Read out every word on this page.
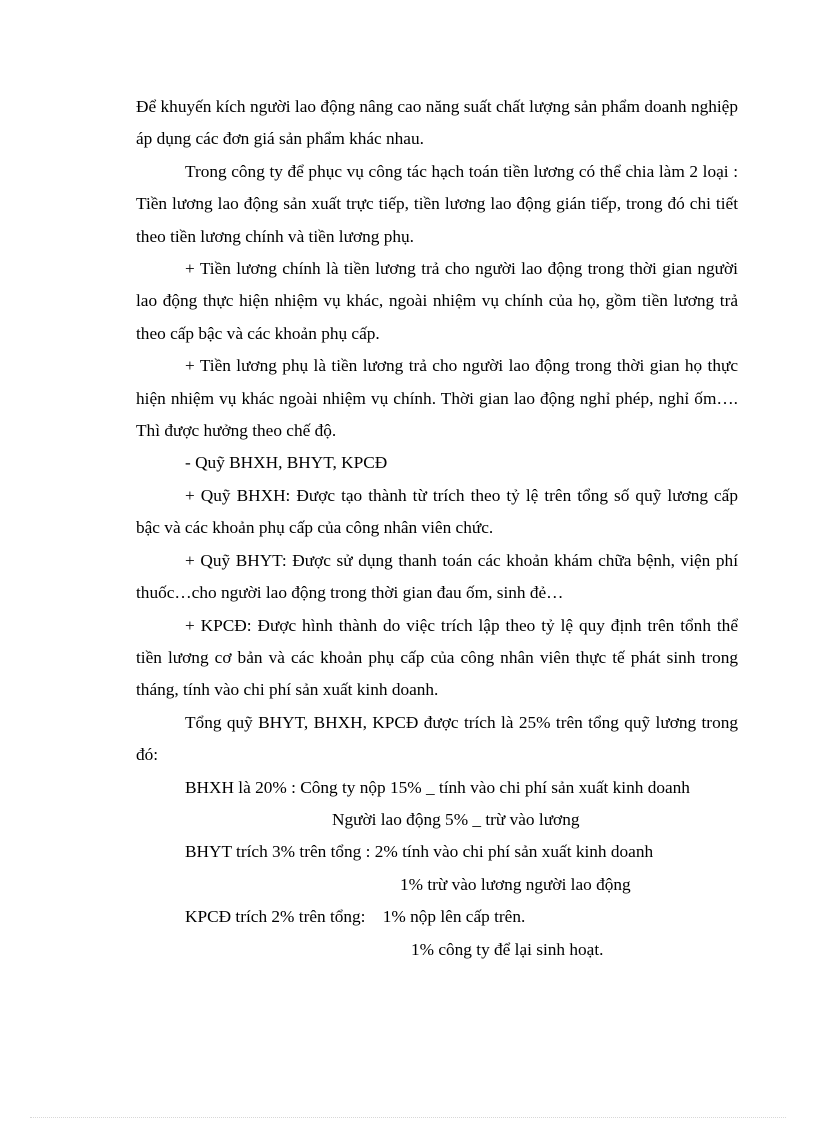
Để khuyến kích người lao động nâng cao năng suất chất lượng sản phẩm doanh nghiệp áp dụng các đơn giá sản phẩm khác nhau.

Trong công ty để phục vụ công tác hạch toán tiền lương có thể chia làm 2 loại : Tiền lương lao động sản xuất trực tiếp, tiền lương lao động gián tiếp, trong đó chi tiết theo tiền lương chính và tiền lương phụ.

+ Tiền lương chính là tiền lương trả cho người lao động trong thời gian người lao động thực hiện nhiệm vụ khác, ngoài nhiệm vụ chính của họ, gồm tiền lương trả theo cấp bậc và các khoản phụ cấp.

+ Tiền lương phụ là tiền lương trả cho người lao động trong thời gian họ thực hiện nhiệm vụ khác ngoài nhiệm vụ chính. Thời gian lao động nghỉ phép, nghỉ ốm…. Thì được hưởng theo chế độ.

- Quỹ BHXH, BHYT, KPCĐ

+ Quỹ BHXH: Được tạo thành từ trích theo tỷ lệ trên tổng số quỹ lương cấp bậc và các khoản phụ cấp của công nhân viên chức.

+ Quỹ BHYT: Được sử dụng thanh toán các khoản khám chữa bệnh, viện phí thuốc…cho người lao động trong thời gian đau ốm, sinh đẻ…

+ KPCĐ: Được hình thành do việc trích lập theo tỷ lệ quy định trên tổnh thể tiền lương cơ bản và các khoản phụ cấp của công nhân viên thực tế phát sinh trong tháng, tính vào chi phí sản xuất kinh doanh.

Tổng quỹ BHYT, BHXH, KPCĐ được trích là 25% trên tổng quỹ lương trong đó:

BHXH là 20% : Công ty nộp 15% _ tính vào chi phí sản xuất kinh doanh

Người lao động 5% _ trừ vào lương

BHYT trích 3% trên tổng : 2% tính vào chi phí sản xuất kinh doanh

1% trừ vào lương người lao động

KPCĐ trích 2% trên tổng:    1% nộp lên cấp trên.

1% công ty để lại sinh hoạt.
